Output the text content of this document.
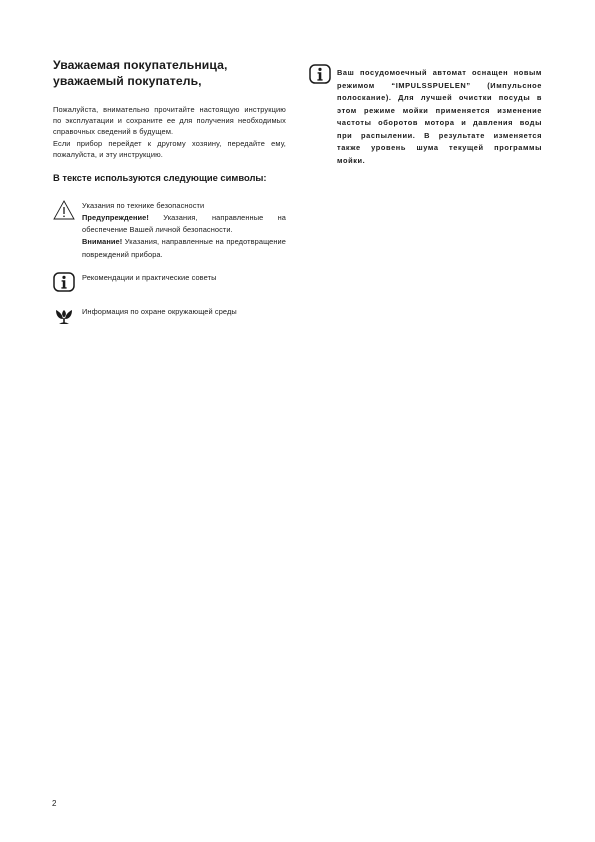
Уважаемая покупательница,
уважаемый покупатель,

Пожалуйста, внимательно прочитайте настоящую инструкцию по эксплуатации и сохраните ее для получения необходимых справочных сведений в будущем.

Если прибор перейдет к другому хозяину, передайте ему, пожалуйста, и эту инструкцию.

В тексте используются следующие символы:

Указания по технике безопасности

Предупреждение! Указания, направленные на обеспечение Вашей личной безопасности.

Внимание! Указания, направленные на предотвращение повреждений прибора.

Рекомендации и практические советы
Информация по охране окружающей среды
Ваш посудомоечный автомат оснащен новым режимом “IMPULSSPUELEN” (Импульсное полоскание). Для лучшей очистки посуды в этом режиме мойки применяется изменение частоты оборотов мотора и давления воды при распылении. В результате изменяется также уровень шума текущей программы мойки.
2
